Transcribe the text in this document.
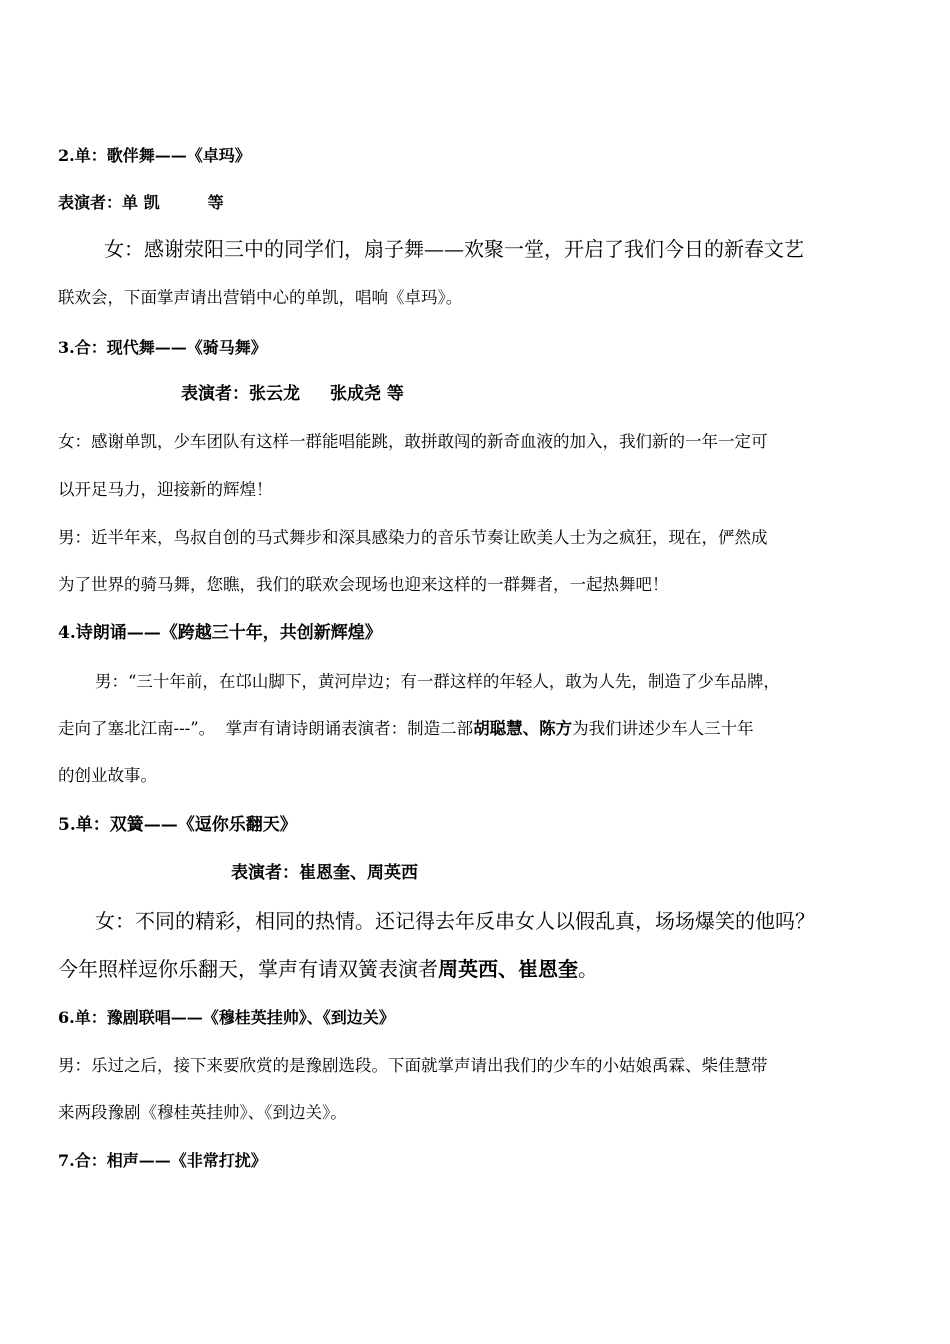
2.单：歌伴舞——《卓玛》
表演者：单 凯	等
女：感谢荥阳三中的同学们，扇子舞——欢聚一堂，开启了我们今日的新春文艺
联欢会，下面掌声请出营销中心的单凯，唱响《卓玛》。
3.合：现代舞——《骑马舞》
表演者：张云龙 张成尧 等
女：感谢单凯，少车团队有这样一群能唱能跳，敢拼敢闯的新奇血液的加入，我们新的一年一定可
以开足马力，迎接新的辉煌！
男：近半年来，鸟叔自创的马式舞步和深具感染力的音乐节奏让欧美人士为之疯狂，现在，俨然成
为了世界的骑马舞，您瞧，我们的联欢会现场也迎来这样的一群舞者，一起热舞吧！
4.诗朗诵——《跨越三十年，共创新辉煌》
男：“三十年前，在邙山脚下，黄河岸边；有一群这样的年轻人，敢为人先，制造了少车品牌，
走向了塞北江南---”。  掌声有请诗朗诵表演者：制造二部胡聪慧、陈方为我们讲述少车人三十年
的创业故事。
5.单：双簧——《逗你乐翻天》
表演者：崔恩奎、周英西
女：不同的精彩，相同的热情。还记得去年反串女人以假乱真，场场爆笑的他吗？
今年照样逗你乐翻天，掌声有请双簧表演者周英西、崔恩奎。
6.单：豫剧联唱——《穆桂英挂帅》、《到边关》
男：乐过之后，接下来要欣赏的是豫剧选段。下面就掌声请出我们的少车的小姑娘禹霖、柴佳慧带
来两段豫剧《穆桂英挂帅》、《到边关》。
7.合：相声——《非常打扰》
